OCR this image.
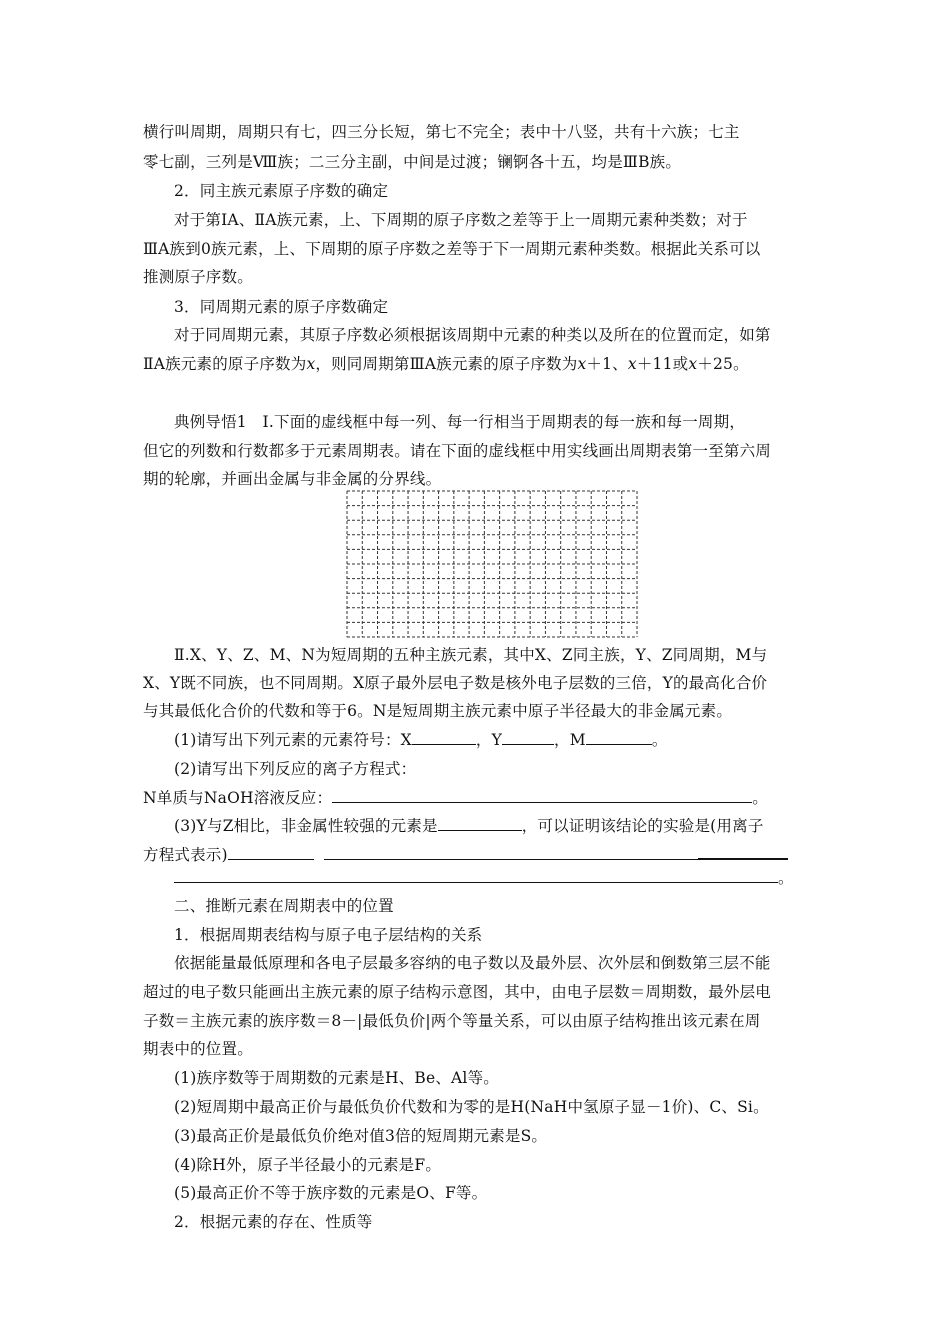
横行叫周期，周期只有七，四三分长短，第七不完全；表中十八竖，共有十六族；七主
零七副，三列是Ⅷ族；二三分主副，中间是过渡；镧锕各十五，均是ⅢB族。
2．同主族元素原子序数的确定
对于第ⅠA、ⅡA族元素，上、下周期的原子序数之差等于上一周期元素种类数；对于
ⅢA族到0族元素，上、下周期的原子序数之差等于下一周期元素种类数。根据此关系可以
推测原子序数。
3．同周期元素的原子序数确定
对于同周期元素，其原子序数必须根据该周期中元素的种类以及所在的位置而定，如第
ⅡA族元素的原子序数为x，则同周期第ⅢA族元素的原子序数为x＋1、x＋11或x＋25。
典例导悟1　Ⅰ.下面的虚线框中每一列、每一行相当于周期表的每一族和每一周期，
但它的列数和行数都多于元素周期表。请在下面的虚线框中用实线画出周期表第一至第六周
期的轮廓，并画出金属与非金属的分界线。
Ⅱ.X、Y、Z、M、N为短周期的五种主族元素，其中X、Z同主族，Y、Z同周期，M与
X、Y既不同族，也不同周期。X原子最外层电子数是核外电子层数的三倍，Y的最高化合价
与其最低化合价的代数和等于6。N是短周期主族元素中原子半径最大的非金属元素。
(1)请写出下列元素的元素符号：X	，Y	，M	。
(2)请写出下列反应的离子方程式：
N单质与NaOH溶液反应：	。
(3)Y与Z相比，非金属性较强的元素是	，可以证明该结论的实验是(用离子
方程式表示)
。
二、推断元素在周期表中的位置
1．根据周期表结构与原子电子层结构的关系
依据能量最低原理和各电子层最多容纳的电子数以及最外层、次外层和倒数第三层不能
超过的电子数只能画出主族元素的原子结构示意图，其中，由电子层数＝周期数，最外层电
子数＝主族元素的族序数＝8－|最低负价|两个等量关系，可以由原子结构推出该元素在周
期表中的位置。
(1)族序数等于周期数的元素是H、Be、Al等。
(2)短周期中最高正价与最低负价代数和为零的是H(NaH中氢原子显－1价)、C、Si。
(3)最高正价是最低负价绝对值3倍的短周期元素是S。
(4)除H外，原子半径最小的元素是F。
(5)最高正价不等于族序数的元素是O、F等。
2．根据元素的存在、性质等
